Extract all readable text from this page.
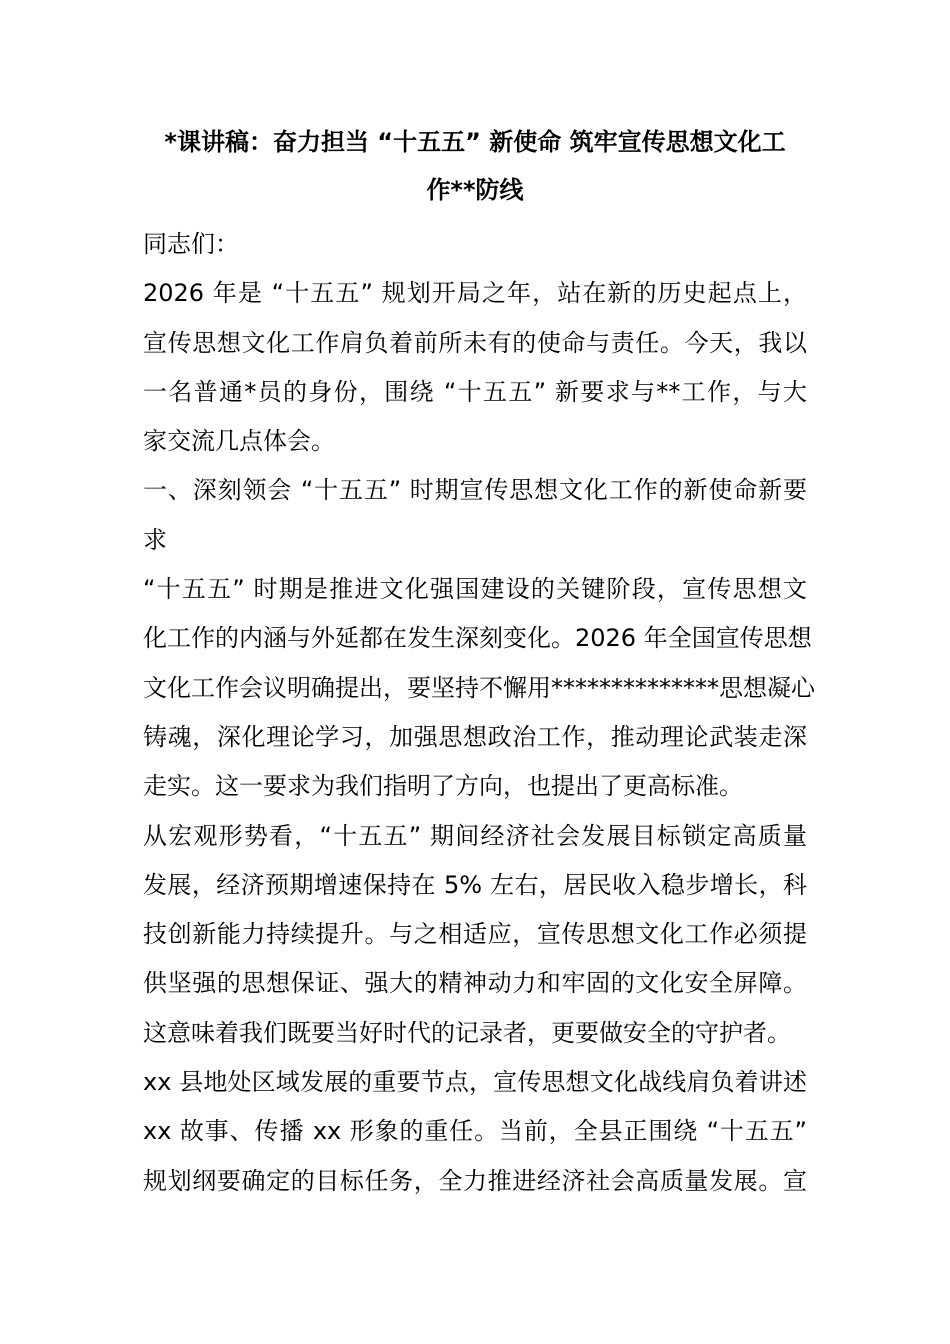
*课讲稿：奋力担当 “十五五” 新使命 筑牢宣传思想文化工
作**防线
同志们：
2026 年是 “十五五” 规划开局之年，站在新的历史起点上，
宣传思想文化工作肩负着前所未有的使命与责任。今天，我以
一名普通*员的身份，围绕 “十五五” 新要求与**工作，与大
家交流几点体会。
一、深刻领会 “十五五” 时期宣传思想文化工作的新使命新要
求
“十五五” 时期是推进文化强国建设的关键阶段，宣传思想文
化工作的内涵与外延都在发生深刻变化。2026 年全国宣传思想
文化工作会议明确提出，要坚持不懈用**************思想凝心
铸魂，深化理论学习，加强思想政治工作，推动理论武装走深
走实。这一要求为我们指明了方向，也提出了更高标准。
从宏观形势看，“十五五” 期间经济社会发展目标锁定高质量
发展，经济预期增速保持在 5% 左右，居民收入稳步增长，科
技创新能力持续提升。与之相适应，宣传思想文化工作必须提
供坚强的思想保证、强大的精神动力和牢固的文化安全屏障。
这意味着我们既要当好时代的记录者，更要做安全的守护者。
xx 县地处区域发展的重要节点，宣传思想文化战线肩负着讲述
xx 故事、传播 xx 形象的重任。当前，全县正围绕 “十五五”
规划纲要确定的目标任务，全力推进经济社会高质量发展。宣
